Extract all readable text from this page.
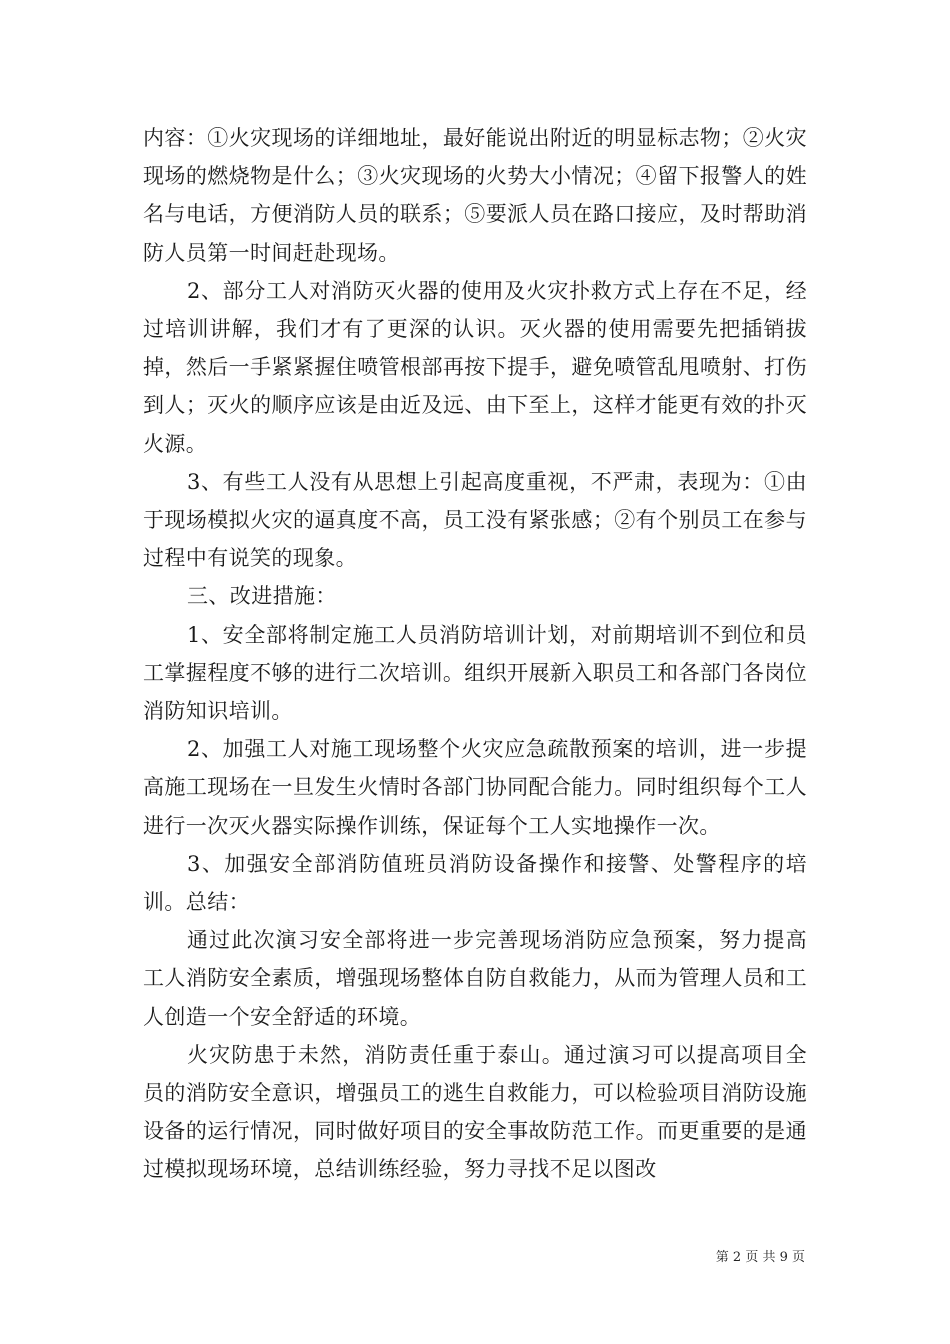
内容：①火灾现场的详细地址，最好能说出附近的明显标志物；②火灾现场的燃烧物是什么；③火灾现场的火势大小情况；④留下报警人的姓名与电话，方便消防人员的联系；⑤要派人员在路口接应，及时帮助消防人员第一时间赶赴现场。

2、部分工人对消防灭火器的使用及火灾扑救方式上存在不足，经过培训讲解，我们才有了更深的认识。灭火器的使用需要先把插销拔掉，然后一手紧紧握住喷管根部再按下提手，避免喷管乱甩喷射、打伤到人；灭火的顺序应该是由近及远、由下至上，这样才能更有效的扑灭火源。

3、有些工人没有从思想上引起高度重视，不严肃，表现为：①由于现场模拟火灾的逼真度不高，员工没有紧张感；②有个别员工在参与过程中有说笑的现象。

三、改进措施：

1、安全部将制定施工人员消防培训计划，对前期培训不到位和员工掌握程度不够的进行二次培训。组织开展新入职员工和各部门各岗位消防知识培训。

2、加强工人对施工现场整个火灾应急疏散预案的培训，进一步提高施工现场在一旦发生火情时各部门协同配合能力。同时组织每个工人进行一次灭火器实际操作训练，保证每个工人实地操作一次。

3、加强安全部消防值班员消防设备操作和接警、处警程序的培训。总结：

通过此次演习安全部将进一步完善现场消防应急预案，努力提高工人消防安全素质，增强现场整体自防自救能力，从而为管理人员和工人创造一个安全舒适的环境。

火灾防患于未然，消防责任重于泰山。通过演习可以提高项目全员的消防安全意识，增强员工的逃生自救能力，可以检验项目消防设施设备的运行情况，同时做好项目的安全事故防范工作。而更重要的是通过模拟现场环境，总结训练经验，努力寻找不足以图改

第 2 页 共 9 页
